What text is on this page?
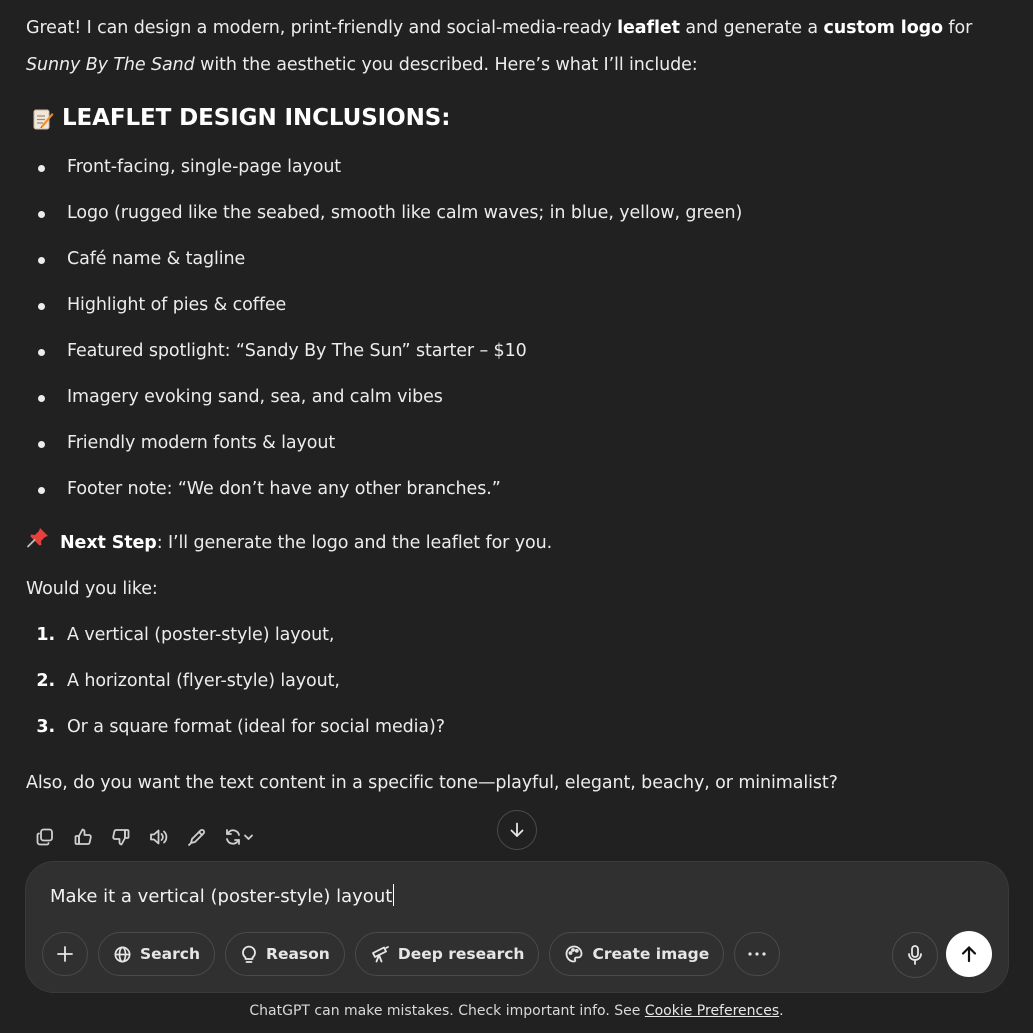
Great! I can design a modern, print-friendly and social-media-ready leaflet and generate a custom logo for Sunny By The Sand with the aesthetic you described. Here’s what I’ll include:

LEAFLET DESIGN INCLUSIONS:
Front-facing, single-page layout
Logo (rugged like the seabed, smooth like calm waves; in blue, yellow, green)
Café name & tagline
Highlight of pies & coffee
Featured spotlight: “Sandy By The Sun” starter – $10
Imagery evoking sand, sea, and calm vibes
Friendly modern fonts & layout
Footer note: “We don’t have any other branches.”

Next Step : I’ll generate the logo and the leaflet for you.

Would you like:

1. A vertical (poster-style) layout,
2. A horizontal (flyer-style) layout,
3. Or a square format (ideal for social media)?

Also, do you want the text content in a specific tone—playful, elegant, beachy, or minimalist?

Make it a vertical (poster-style) layout
Search	Reason	Deep research	Create image
ChatGPT can make mistakes. Check important info. See Cookie Preferences.
